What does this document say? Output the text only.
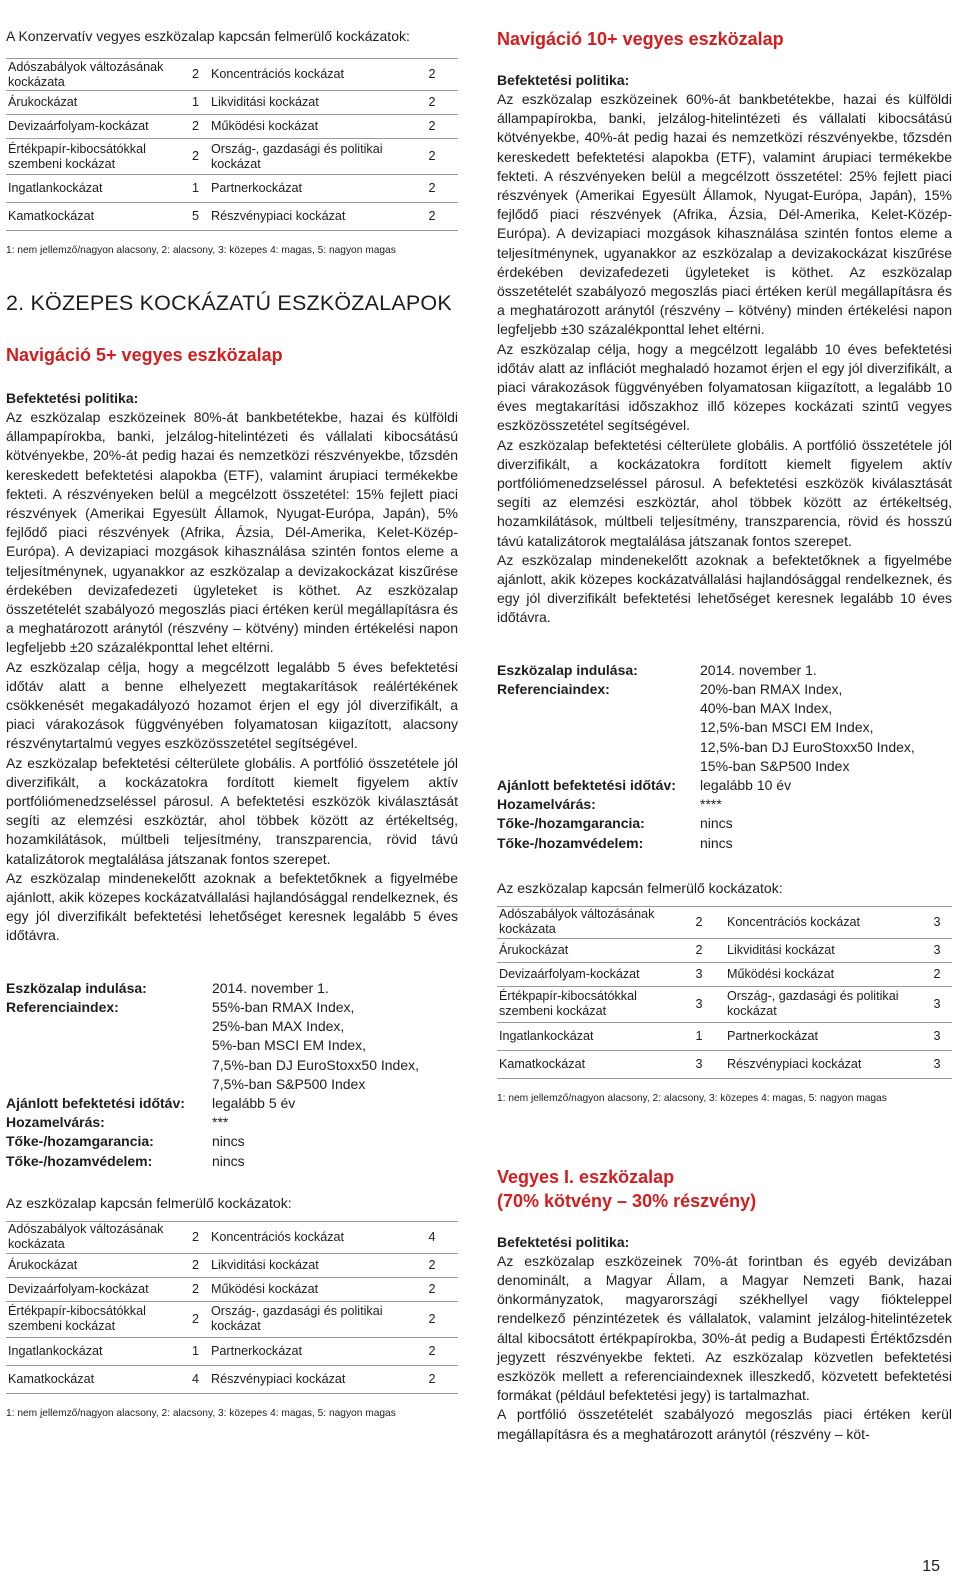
A Konzervatív vegyes eszközalap kapcsán felmerülő kockázatok:

Adószabályok változásának kockázata	2	Koncentrációs kockázat	2
Árukockázat	1	Likviditási kockázat	2
Devizaárfolyam-kockázat	2	Működési kockázat	2
Értékpapír-kibocsátókkal szembeni kockázat	2	Ország-, gazdasági és politikai kockázat	2
Ingatlankockázat	1	Partnerkockázat	2
Kamatkockázat	5	Részvénypiaci kockázat	2

1: nem jellemző/nagyon alacsony, 2: alacsony, 3: közepes 4: magas, 5: nagyon magas

2. KÖZEPES KOCKÁZATÚ ESZKÖZALAPOK
Navigáció 5+ vegyes eszközalap

Befektetési politika:

Az eszközalap eszközeinek 80%-át bankbetétekbe, hazai és külföldi állampapírokba, banki, jelzálog-hitelintézeti és vállalati kibocsátású kötvényekbe, 20%-át pedig hazai és nemzetközi részvényekbe, tőzsdén kereskedett befektetési alapokba (ETF), valamint árupiaci termékekbe fekteti. A részvényeken belül a megcélzott összetétel: 15% fejlett piaci részvények (Amerikai Egyesült Államok, Nyugat-Európa, Japán), 5% fejlődő piaci részvények (Afrika, Ázsia, Dél-Amerika, Kelet-Közép-Európa). A devizapiaci mozgások kihasználása szintén fontos eleme a teljesítménynek, ugyanakkor az eszközalap a devizakockázat kiszűrése érdekében devizafedezeti ügyleteket is köthet. Az eszközalap összetételét szabályozó megoszlás piaci értéken kerül megállapításra és a meghatározott aránytól (részvény – kötvény) minden értékelési napon legfeljebb ±20 százalékponttal lehet eltérni.

Az eszközalap célja, hogy a megcélzott legalább 5 éves befektetési időtáv alatt a benne elhelyezett megtakarítások reálértékének csökkenését megakadályozó hozamot érjen el egy jól diverzifikált, a piaci várakozások függvényében folyamatosan kiigazított, alacsony részvénytartalmú vegyes eszközösszetétel segítségével.

Az eszközalap befektetési célterülete globális. A portfólió összetétele jól diverzifikált, a kockázatokra fordított kiemelt figyelem aktív portfóliómenedzseléssel párosul. A befektetési eszközök kiválasztását segíti az elemzési eszköztár, ahol többek között az értékeltség, hozamkilátások, múltbeli teljesítmény, transzparencia, rövid távú katalizátorok megtalálása játszanak fontos szerepet.

Az eszközalap mindenekelőtt azoknak a befektetőknek a figyelmébe ajánlott, akik közepes kockázatvállalási hajlandósággal rendelkeznek, és egy jól diverzifikált befektetési lehetőséget keresnek legalább 5 éves időtávra.

Eszközalap indulása:	2014. november 1.
Referenciaindex:	55%-ban RMAX Index,
25%-ban MAX Index,
5%-ban MSCI EM Index,
7,5%-ban DJ EuroStoxx50 Index,
7,5%-ban S&P500 Index
Ajánlott befektetési időtáv:	legalább 5 év
Hozamelvárás:	***
Tőke-/hozamgarancia:	nincs
Tőke-/hozamvédelem:	nincs

Az eszközalap kapcsán felmerülő kockázatok:

Adószabályok változásának kockázata	2	Koncentrációs kockázat	4
Árukockázat	2	Likviditási kockázat	2
Devizaárfolyam-kockázat	2	Működési kockázat	2
Értékpapír-kibocsátókkal szembeni kockázat	2	Ország-, gazdasági és politikai kockázat	2
Ingatlankockázat	1	Partnerkockázat	2
Kamatkockázat	4	Részvénypiaci kockázat	2

1: nem jellemző/nagyon alacsony, 2: alacsony, 3: közepes 4: magas, 5: nagyon magas

Navigáció 10+ vegyes eszközalap

Befektetési politika:

Az eszközalap eszközeinek 60%-át bankbetétekbe, hazai és külföldi állampapírokba, banki, jelzálog-hitelintézeti és vállalati kibocsátású kötvényekbe, 40%-át pedig hazai és nemzetközi részvényekbe, tőzsdén kereskedett befektetési alapokba (ETF), valamint árupiaci termékekbe fekteti. A részvényeken belül a megcélzott összetétel: 25% fejlett piaci részvények (Amerikai Egyesült Államok, Nyugat-Európa, Japán), 15% fejlődő piaci részvények (Afrika, Ázsia, Dél-Amerika, Kelet-Közép-Európa). A devizapiaci mozgások kihasználása szintén fontos eleme a teljesítménynek, ugyanakkor az eszközalap a devizakockázat kiszűrése érdekében devizafedezeti ügyleteket is köthet. Az eszközalap összetételét szabályozó megoszlás piaci értéken kerül megállapításra és a meghatározott aránytól (részvény – kötvény) minden értékelési napon legfeljebb ±30 százalékponttal lehet eltérni.

Az eszközalap célja, hogy a megcélzott legalább 10 éves befektetési időtáv alatt az inflációt meghaladó hozamot érjen el egy jól diverzifikált, a piaci várakozások függvényében folyamatosan kiigazított, a legalább 10 éves megtakarítási időszakhoz illő közepes kockázati szintű vegyes eszközösszetétel segítségével.

Az eszközalap befektetési célterülete globális. A portfólió összetétele jól diverzifikált, a kockázatokra fordított kiemelt figyelem aktív portfóliómenedzseléssel párosul. A befektetési eszközök kiválasztását segíti az elemzési eszköztár, ahol többek között az értékeltség, hozamkilátások, múltbeli teljesítmény, transzparencia, rövid és hosszú távú katalizátorok megtalálása játszanak fontos szerepet.

Az eszközalap mindenekelőtt azoknak a befektetőknek a figyelmébe ajánlott, akik közepes kockázatvállalási hajlandósággal rendelkeznek, és egy jól diverzifikált befektetési lehetőséget keresnek legalább 10 éves időtávra.

Eszközalap indulása:	2014. november 1.
Referenciaindex:	20%-ban RMAX Index,
40%-ban MAX Index,
12,5%-ban MSCI EM Index,
12,5%-ban DJ EuroStoxx50 Index,
15%-ban S&P500 Index
Ajánlott befektetési időtáv:	legalább 10 év
Hozamelvárás:	****
Tőke-/hozamgarancia:	nincs
Tőke-/hozamvédelem:	nincs

Az eszközalap kapcsán felmerülő kockázatok:

Adószabályok változásának kockázata	2	Koncentrációs kockázat	3
Árukockázat	2	Likviditási kockázat	3
Devizaárfolyam-kockázat	3	Működési kockázat	2
Értékpapír-kibocsátókkal szembeni kockázat	3	Ország-, gazdasági és politikai kockázat	3
Ingatlankockázat	1	Partnerkockázat	3
Kamatkockázat	3	Részvénypiaci kockázat	3

1: nem jellemző/nagyon alacsony, 2: alacsony, 3: közepes 4: magas, 5: nagyon magas

Vegyes I. eszközalap
(70% kötvény – 30% részvény)

Befektetési politika:

Az eszközalap eszközeinek 70%-át forintban és egyéb devizában denominált, a Magyar Állam, a Magyar Nemzeti Bank, hazai önkormányzatok, magyarországi székhellyel vagy fiókteleppel rendelkező pénzintézetek és vállalatok, valamint jelzálog-hitelintézetek által kibocsátott értékpapírokba, 30%-át pedig a Budapesti Értéktőzsdén jegyzett részvényekbe fekteti. Az eszközalap közvetlen befektetési eszközök mellett a referenciaindexnek illeszkedő, közvetett befektetési formákat (például befektetési jegy) is tartalmazhat.

A portfólió összetételét szabályozó megoszlás piaci értéken kerül megállapításra és a meghatározott aránytól (részvény – köt-

15
